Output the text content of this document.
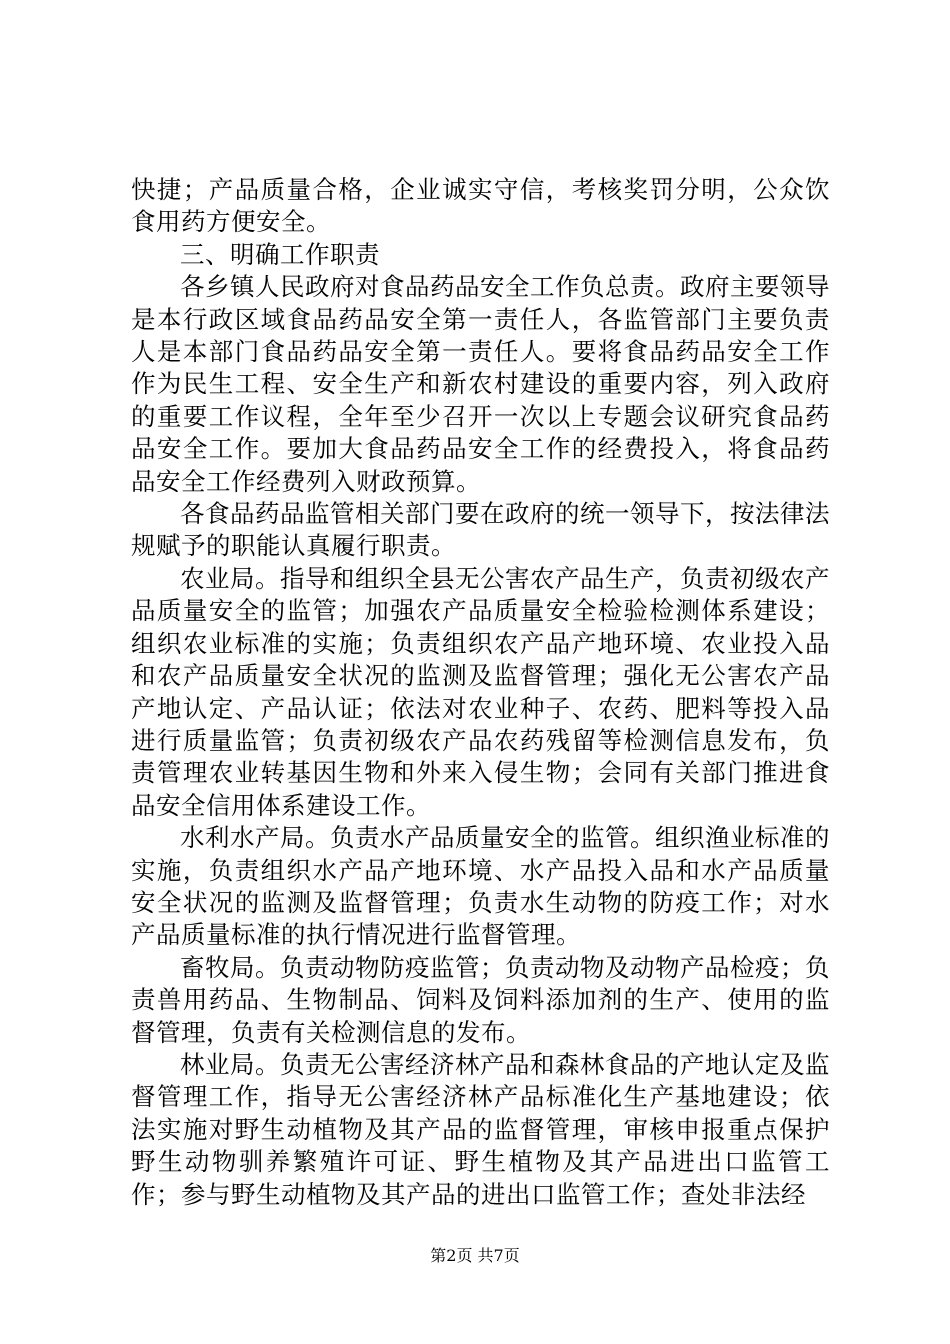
快捷；产品质量合格，企业诚实守信，考核奖罚分明，公众饮食用药方便安全。

三、明确工作职责

各乡镇人民政府对食品药品安全工作负总责。政府主要领导是本行政区域食品药品安全第一责任人，各监管部门主要负责人是本部门食品药品安全第一责任人。要将食品药品安全工作作为民生工程、安全生产和新农村建设的重要内容，列入政府的重要工作议程，全年至少召开一次以上专题会议研究食品药品安全工作。要加大食品药品安全工作的经费投入，将食品药品安全工作经费列入财政预算。

各食品药品监管相关部门要在政府的统一领导下，按法律法规赋予的职能认真履行职责。

农业局。指导和组织全县无公害农产品生产，负责初级农产品质量安全的监管；加强农产品质量安全检验检测体系建设；组织农业标准的实施；负责组织农产品产地环境、农业投入品和农产品质量安全状况的监测及监督管理；强化无公害农产品产地认定、产品认证；依法对农业种子、农药、肥料等投入品进行质量监管；负责初级农产品农药残留等检测信息发布，负责管理农业转基因生物和外来入侵生物；会同有关部门推进食品安全信用体系建设工作。

水利水产局。负责水产品质量安全的监管。组织渔业标准的实施，负责组织水产品产地环境、水产品投入品和水产品质量安全状况的监测及监督管理；负责水生动物的防疫工作；对水产品质量标准的执行情况进行监督管理。

畜牧局。负责动物防疫监管；负责动物及动物产品检疫；负责兽用药品、生物制品、饲料及饲料添加剂的生产、使用的监督管理，负责有关检测信息的发布。

林业局。负责无公害经济林产品和森林食品的产地认定及监督管理工作，指导无公害经济林产品标准化生产基地建设；依法实施对野生动植物及其产品的监督管理，审核申报重点保护野生动物驯养繁殖许可证、野生植物及其产品进出口监管工作；参与野生动植物及其产品的进出口监管工作；查处非法经

第2页 共7页
